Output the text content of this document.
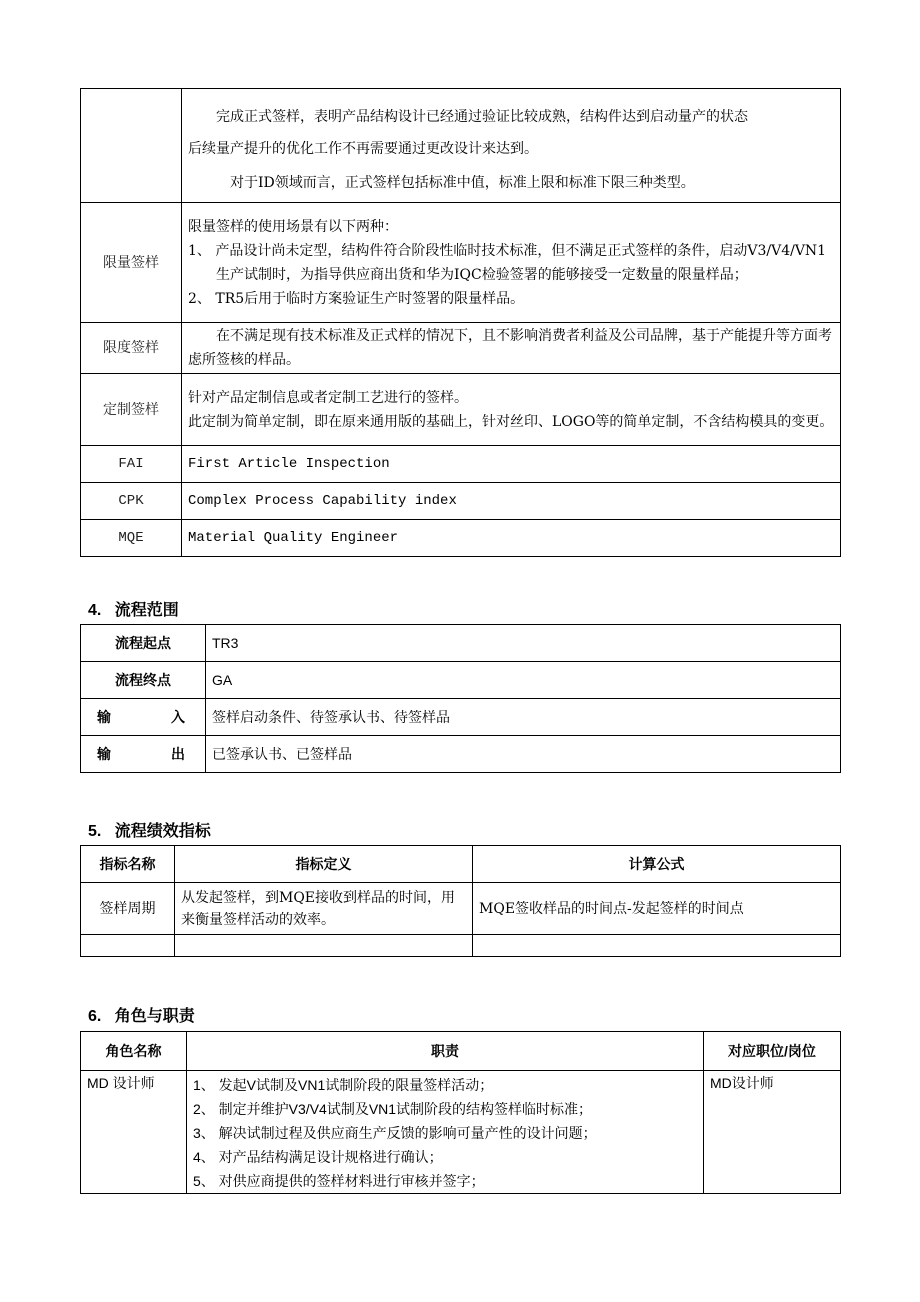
	完成正式签样，表明产品结构设计已经通过验证比较成熟，结构件达到启动量产的状态

后续量产提升的优化工作不再需要通过更改设计来达到。

对于ID领域而言，正式签样包括标准中值，标准上限和标准下限三种类型。

限量签样	限量签样的使用场景有以下两种：

1、 产品设计尚未定型，结构件符合阶段性临时技术标准，但不满足正式签样的条件，启动V3/V4/VN1生产试制时，为指导供应商出货和华为IQC检验签署的能够接受一定数量的限量样品；

2、 TR5后用于临时方案验证生产时签署的限量样品。

限度签样	在不满足现有技术标准及正式样的情况下，且不影响消费者利益及公司品牌，基于产能提升等方面考虑所签核的样品。

定制签样	针对产品定制信息或者定制工艺进行的签样。

此定制为简单定制，即在原来通用版的基础上，针对丝印、LOGO等的简单定制，不含结构模具的变更。

FAI	First Article Inspection
CPK	Complex Process Capability index
MQE	Material Quality Engineer
4. 流程范围
流程起点	TR3
流程终点	GA
输 入	签样启动条件、待签承认书、待签样品
输 出	已签承认书、已签样品
5. 流程绩效指标
指标名称	指标定义	计算公式
签样周期	从发起签样，到MQE接收到样品的时间，用来衡量签样活动的效率。	MQE签收样品的时间点-发起签样的时间点

6. 角色与职责
角色名称	职责	对应职位/岗位
MD 设计师	1、 发起V试制及VN1试制阶段的限量签样活动；

2、 制定并维护V3/V4试制及VN1试制阶段的结构签样临时标准；

3、 解决试制过程及供应商生产反馈的影响可量产性的设计问题；

4、 对产品结构满足设计规格进行确认；

5、 对供应商提供的签样材料进行审核并签字；	MD设计师
